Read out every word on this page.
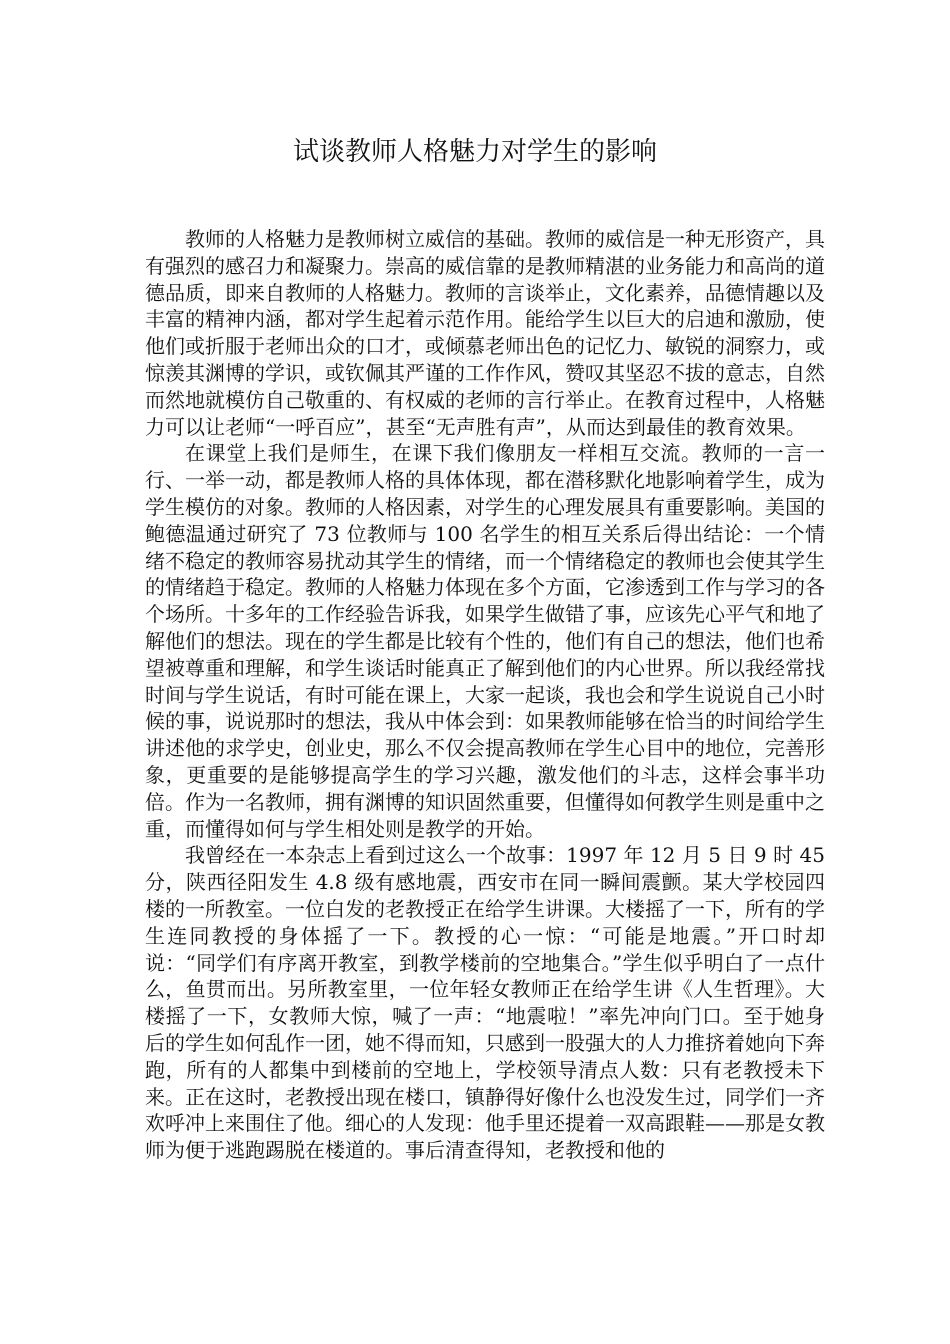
试谈教师人格魅力对学生的影响

教师的人格魅力是教师树立威信的基础。教师的威信是一种无形资产，具有强烈的感召力和凝聚力。崇高的威信靠的是教师精湛的业务能力和高尚的道德品质，即来自教师的人格魅力。教师的言谈举止，文化素养，品德情趣以及丰富的精神内涵，都对学生起着示范作用。能给学生以巨大的启迪和激励，使他们或折服于老师出众的口才，或倾慕老师出色的记忆力、敏锐的洞察力，或惊羡其渊博的学识，或钦佩其严谨的工作作风，赞叹其坚忍不拔的意志，自然而然地就模仿自己敬重的、有权威的老师的言行举止。在教育过程中，人格魅力可以让老师“一呼百应”，甚至“无声胜有声”，从而达到最佳的教育效果。

在课堂上我们是师生，在课下我们像朋友一样相互交流。教师的一言一行、一举一动，都是教师人格的具体体现，都在潜移默化地影响着学生，成为学生模仿的对象。教师的人格因素，对学生的心理发展具有重要影响。美国的鲍德温通过研究了 73 位教师与 100 名学生的相互关系后得出结论：一个情绪不稳定的教师容易扰动其学生的情绪，而一个情绪稳定的教师也会使其学生的情绪趋于稳定。教师的人格魅力体现在多个方面，它渗透到工作与学习的各个场所。十多年的工作经验告诉我，如果学生做错了事，应该先心平气和地了解他们的想法。现在的学生都是比较有个性的，他们有自己的想法，他们也希望被尊重和理解，和学生谈话时能真正了解到他们的内心世界。所以我经常找时间与学生说话，有时可能在课上，大家一起谈，我也会和学生说说自己小时候的事，说说那时的想法，我从中体会到：如果教师能够在恰当的时间给学生讲述他的求学史，创业史，那么不仅会提高教师在学生心目中的地位，完善形象，更重要的是能够提高学生的学习兴趣，激发他们的斗志，这样会事半功倍。作为一名教师，拥有渊博的知识固然重要，但懂得如何教学生则是重中之重，而懂得如何与学生相处则是教学的开始。

我曾经在一本杂志上看到过这么一个故事：1997 年 12 月 5 日 9 时 45 分，陕西径阳发生 4.8 级有感地震，西安市在同一瞬间震颤。某大学校园四楼的一所教室。一位白发的老教授正在给学生讲课。大楼摇了一下，所有的学生连同教授的身体摇了一下。教授的心一惊：“可能是地震。”开口时却说：“同学们有序离开教室，到教学楼前的空地集合。”学生似乎明白了一点什么，鱼贯而出。另所教室里，一位年轻女教师正在给学生讲《人生哲理》。大楼摇了一下，女教师大惊，喊了一声：“地震啦！”率先冲向门口。至于她身后的学生如何乱作一团，她不得而知，只感到一股强大的人力推挤着她向下奔跑，所有的人都集中到楼前的空地上，学校领导清点人数：只有老教授未下来。正在这时，老教授出现在楼口，镇静得好像什么也没发生过，同学们一齐欢呼冲上来围住了他。细心的人发现：他手里还提着一双高跟鞋——那是女教师为便于逃跑踢脱在楼道的。事后清查得知，老教授和他的
